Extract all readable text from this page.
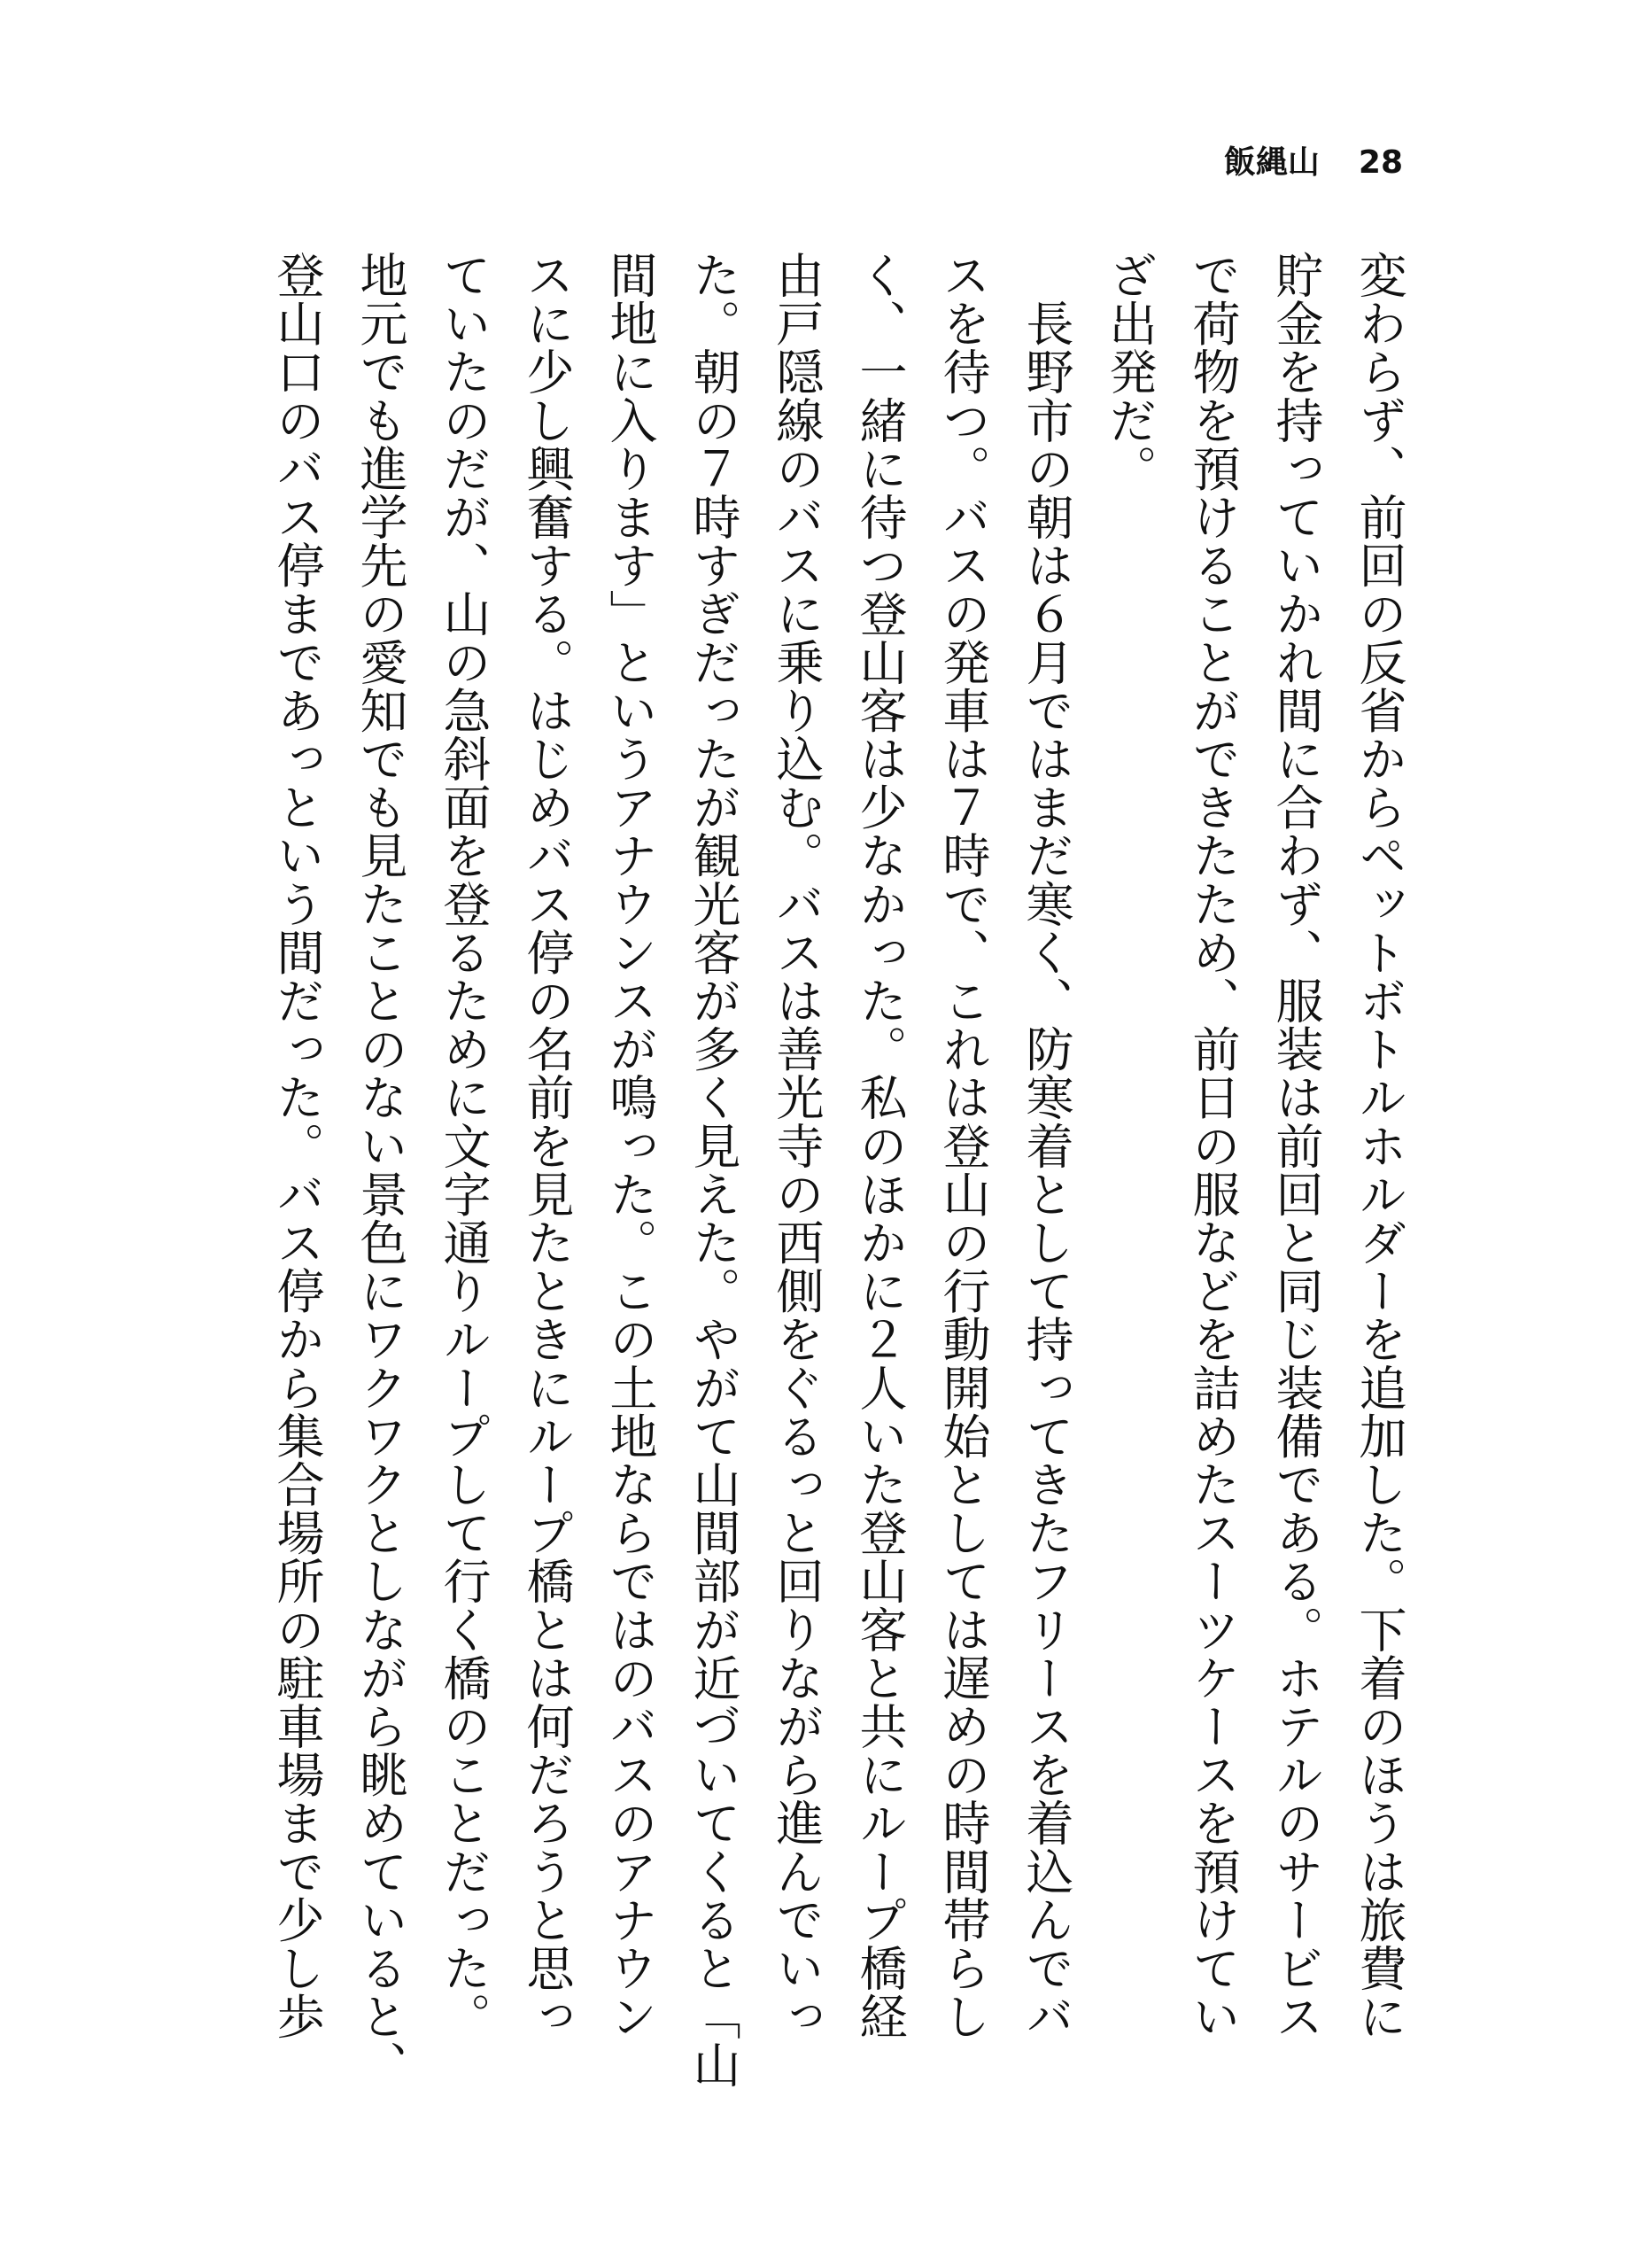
飯縄山 28
変わらず、前回の反省からペットボトルホルダーを追加した。下着のほうは旅費に
貯金を持っていかれ間に合わず、服装は前回と同じ装備である。ホテルのサービス
で荷物を預けることができたため、前日の服などを詰めたスーツケースを預けてい
ざ出発だ。
　長野市の朝は６月ではまだ寒く、防寒着として持ってきたフリースを着込んでバ
スを待つ。バスの発車は７時で、これは登山の行動開始としては遅めの時間帯らし
く、一緒に待つ登山客は少なかった。私のほかに２人いた登山客と共にループ橋経
由戸隠線のバスに乗り込む。バスは善光寺の西側をぐるっと回りながら進んでいっ
た。朝の７時すぎだったが観光客が多く見えた。やがて山間部が近づいてくると「山
間地に入ります」というアナウンスが鳴った。この土地ならではのバスのアナウン
スに少し興奮する。はじめバス停の名前を見たときにループ橋とは何だろうと思っ
ていたのだが、山の急斜面を登るために文字通りループして行く橋のことだった。
地元でも進学先の愛知でも見たことのない景色にワクワクとしながら眺めていると、
登山口のバス停まであっという間だった。バス停から集合場所の駐車場まで少し歩
